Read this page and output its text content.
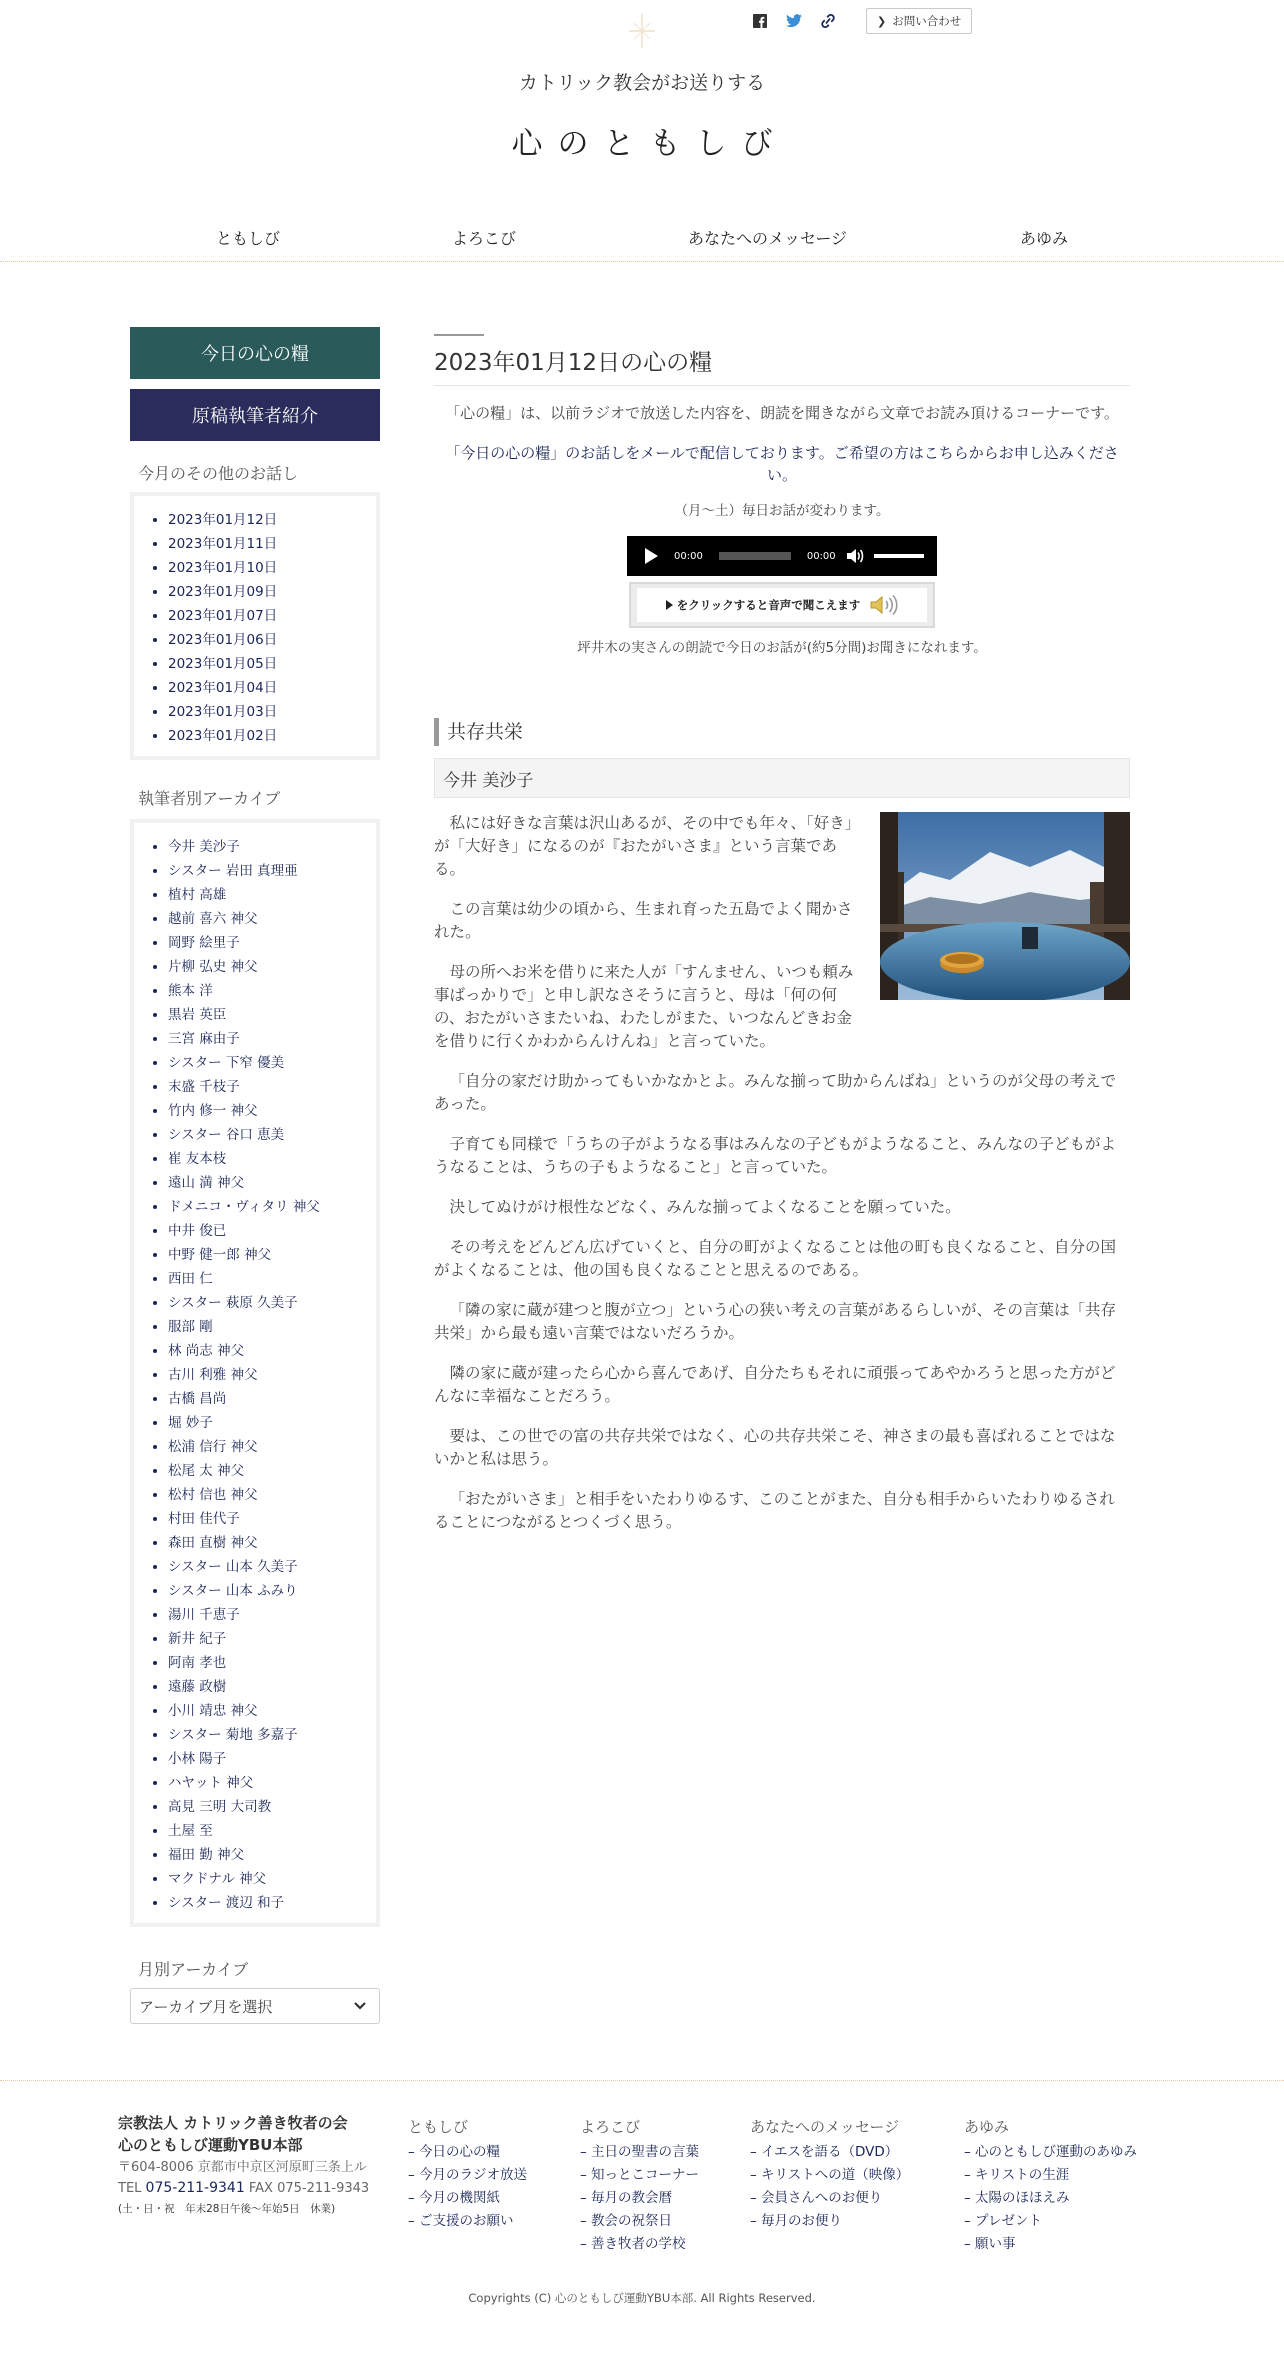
❯ お問い合わせ
カトリック教会がお送りする
心のともしび
ともしび	よろこび	あなたへのメッセージ	あゆみ
今日の心の糧
原稿執筆者紹介
今月のその他のお話し
• 2023年01月12日
• 2023年01月11日
• 2023年01月10日
• 2023年01月09日
• 2023年01月07日
• 2023年01月06日
• 2023年01月05日
• 2023年01月04日
• 2023年01月03日
• 2023年01月02日
執筆者別アーカイブ
• 今井 美沙子
• シスター 岩田 真理亜
• 植村 高雄
• 越前 喜六 神父
• 岡野 絵里子
• 片柳 弘史 神父
• 熊本 洋
• 黒岩 英臣
• 三宮 麻由子
• シスター 下窄 優美
• 末盛 千枝子
• 竹内 修一 神父
• シスター 谷口 恵美
• 崔 友本枝
• 遠山 満 神父
• ドメニコ・ヴィタリ 神父
• 中井 俊已
• 中野 健一郎 神父
• 西田 仁
• シスター 萩原 久美子
• 服部 剛
• 林 尚志 神父
• 古川 利雅 神父
• 古橋 昌尚
• 堀 妙子
• 松浦 信行 神父
• 松尾 太 神父
• 松村 信也 神父
• 村田 佳代子
• 森田 直樹 神父
• シスター 山本 久美子
• シスター 山本 ふみり
• 湯川 千恵子
• 新井 紀子
• 阿南 孝也
• 遠藤 政樹
• 小川 靖忠 神父
• シスター 菊地 多嘉子
• 小林 陽子
• ハヤット 神父
• 高見 三明 大司教
• 土屋 至
• 福田 勤 神父
• マクドナル 神父
• シスター 渡辺 和子
月別アーカイブ
アーカイブ月を選択
2023年01月12日の心の糧
「心の糧」は、以前ラジオで放送した内容を、朗読を聞きながら文章でお読み頂けるコーナーです。
「今日の心の糧」のお話しをメールで配信しております。ご希望の方はこちらからお申し込みください。
（月～土）毎日お話が変わります。
00:00	00:00
をクリックすると音声で聞こえます
坪井木の実さんの朗読で今日のお話が(約5分間)お聞きになれます。
共存共栄
今井 美沙子

私には好きな言葉は沢山あるが、その中でも年々、「好き」が「大好き」になるのが『おたがいさま』という言葉である。

この言葉は幼少の頃から、生まれ育った五島でよく聞かされた。

母の所へお米を借りに来た人が「すんません、いつも頼み事ばっかりで」と申し訳なさそうに言うと、母は「何の何の、おたがいさまたいね、わたしがまた、いつなんどきお金を借りに行くかわからんけんね」と言っていた。

「自分の家だけ助かってもいかなかとよ。みんな揃って助からんばね」というのが父母の考えであった。

子育ても同様で「うちの子がようなる事はみんなの子どもがようなること、みんなの子どもがようなることは、うちの子もようなること」と言っていた。

決してぬけがけ根性などなく、みんな揃ってよくなることを願っていた。

その考えをどんどん広げていくと、自分の町がよくなることは他の町も良くなること、自分の国がよくなることは、他の国も良くなることと思えるのである。

「隣の家に蔵が建つと腹が立つ」という心の狭い考えの言葉があるらしいが、その言葉は「共存共栄」から最も遠い言葉ではないだろうか。

隣の家に蔵が建ったら心から喜んであげ、自分たちもそれに頑張ってあやかろうと思った方がどんなに幸福なことだろう。

要は、この世での富の共存共栄ではなく、心の共存共栄こそ、神さまの最も喜ばれることではないかと私は思う。

「おたがいさま」と相手をいたわりゆるす、このことがまた、自分も相手からいたわりゆるされることにつながるとつくづく思う。

宗教法人 カトリック善き牧者の会
心のともしび運動YBU本部
〒604-8006 京都市中京区河原町三条上ル
TEL 075-211-9341 FAX 075-211-9343
(土・日・祝　年末28日午後〜年始5日　休業)
ともしび
– 今日の心の糧
– 今月のラジオ放送
– 今月の機関紙
– ご支援のお願い
よろこび
– 主日の聖書の言葉
– 知っとこコーナー
– 毎月の教会暦
– 教会の祝祭日
– 善き牧者の学校
あなたへのメッセージ
– イエスを語る（DVD）
– キリストへの道（映像）
– 会員さんへのお便り
– 毎月のお便り
あゆみ
– 心のともしび運動のあゆみ
– キリストの生涯
– 太陽のほほえみ
– プレゼント
– 願い事
Copyrights (C) 心のともしび運動YBU本部. All Rights Reserved.
